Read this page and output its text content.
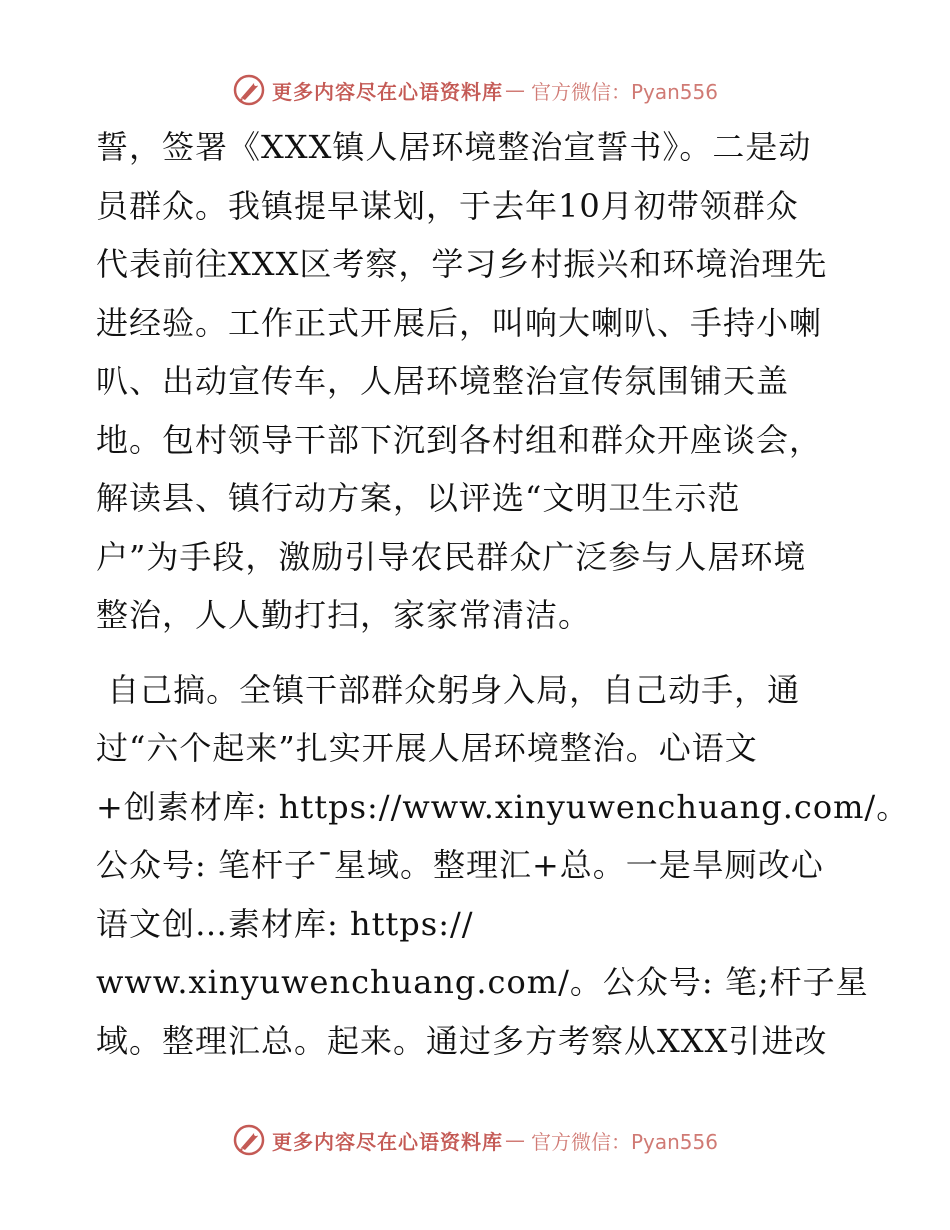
更多内容尽在心语资料库 — 官方微信：Pyan556
誓，签署《XXX镇人居环境整治宣誓书》。二是动
员群众。我镇提早谋划，于去年10月初带领群众
代表前往XXX区考察，学习乡村振兴和环境治理先
进经验。工作正式开展后，叫响大喇叭、手持小喇
叭、出动宣传车，人居环境整治宣传氛围铺天盖
地。包村领导干部下沉到各村组和群众开座谈会，
解读县、镇行动方案，以评选“文明卫生示范
户”为手段，激励引导农民群众广泛参与人居环境
整治，人人勤打扫，家家常清洁。
自己搞。全镇干部群众躬身入局，自己动手，通
过“六个起来”扎实开展人居环境整治。心语文
+创素材库: https://www.xinyuwenchuang.com/。
公众号: 笔杆子¯星域。整理汇+总。一是旱厕改心
语文创…素材库: https://
www.xinyuwenchuang.com/。公众号: 笔;杆子星
域。整理汇总。起来。通过多方考察从XXX引进改
更多内容尽在心语资料库 — 官方微信：Pyan556
